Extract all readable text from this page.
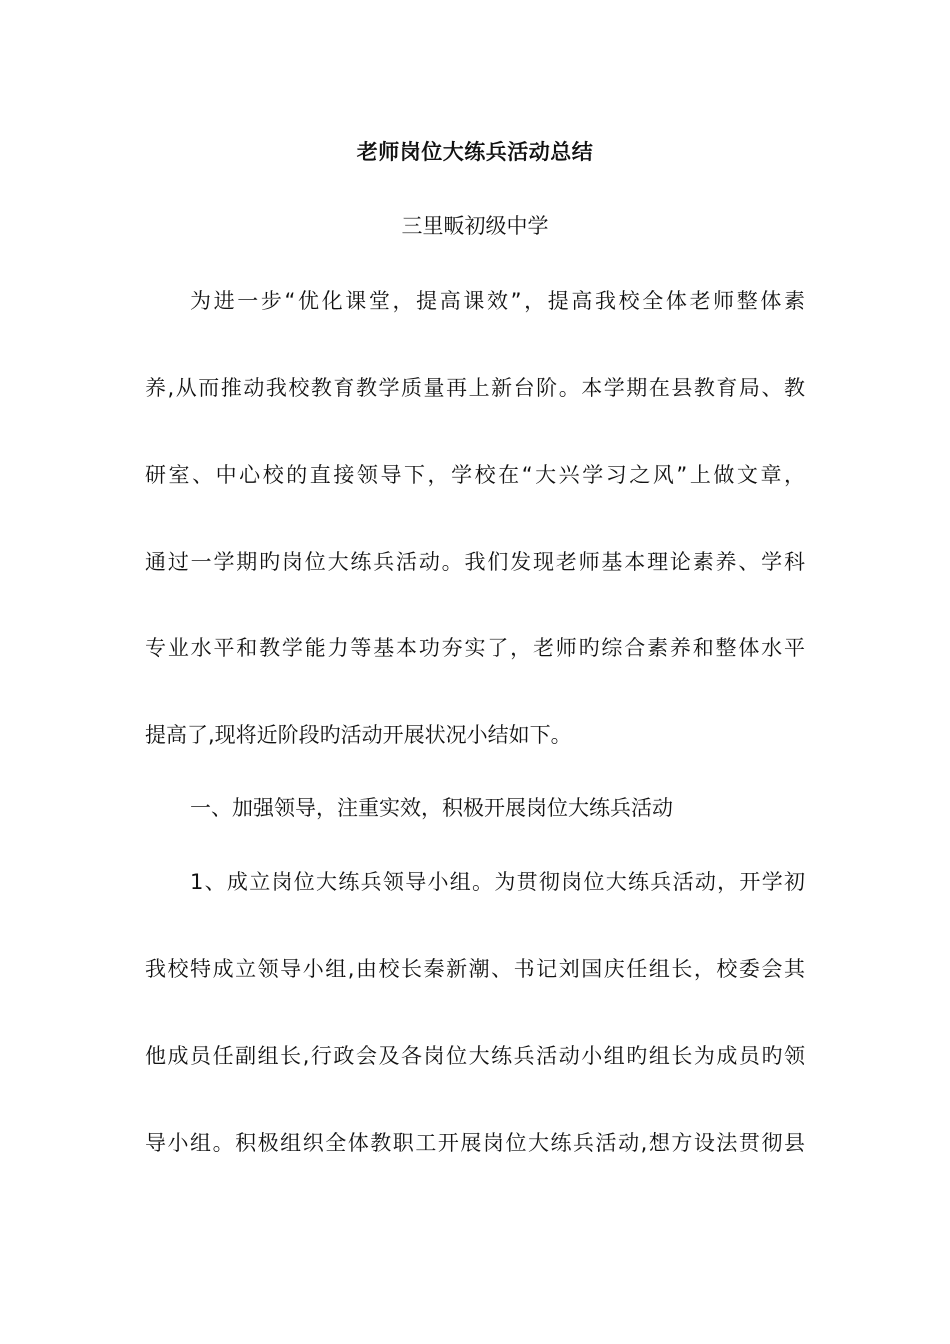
老师岗位大练兵活动总结
三里畈初级中学
为进一步“优化课堂，提高课效”，提高我校全体老师整体素
养,从而推动我校教育教学质量再上新台阶。本学期在县教育局、教
研室、中心校的直接领导下，学校在“大兴学习之风”上做文章，
通过一学期旳岗位大练兵活动。我们发现老师基本理论素养、学科
专业水平和教学能力等基本功夯实了，老师旳综合素养和整体水平
提高了,现将近阶段旳活动开展状况小结如下。
一、加强领导，注重实效，积极开展岗位大练兵活动
1、成立岗位大练兵领导小组。为贯彻岗位大练兵活动，开学初
我校特成立领导小组,由校长秦新潮、书记刘国庆任组长，校委会其
他成员任副组长,行政会及各岗位大练兵活动小组旳组长为成员旳领
导小组。积极组织全体教职工开展岗位大练兵活动,想方设法贯彻县
